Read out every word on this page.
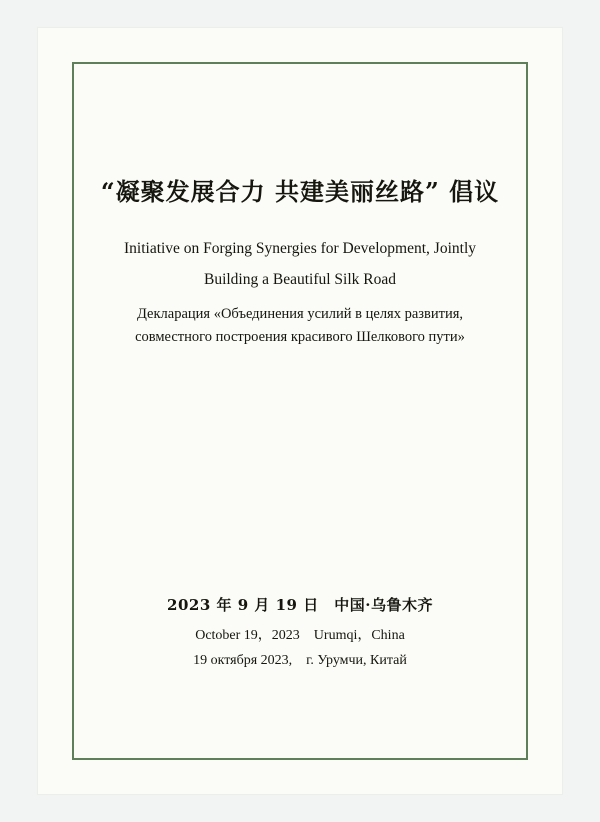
“凝聚发展合力 共建美丽丝路” 倡议
Initiative on Forging Synergies for Development, Jointly
Building a Beautiful Silk Road
Декларация «Объединения усилий в целях развития,
совместного построения красивого Шелкового пути»
2023 年 9 月 19 日　中国·乌鲁木齐
October 19，2023　Urumqi，China
19 октября 2023,　г. Урумчи, Китай
